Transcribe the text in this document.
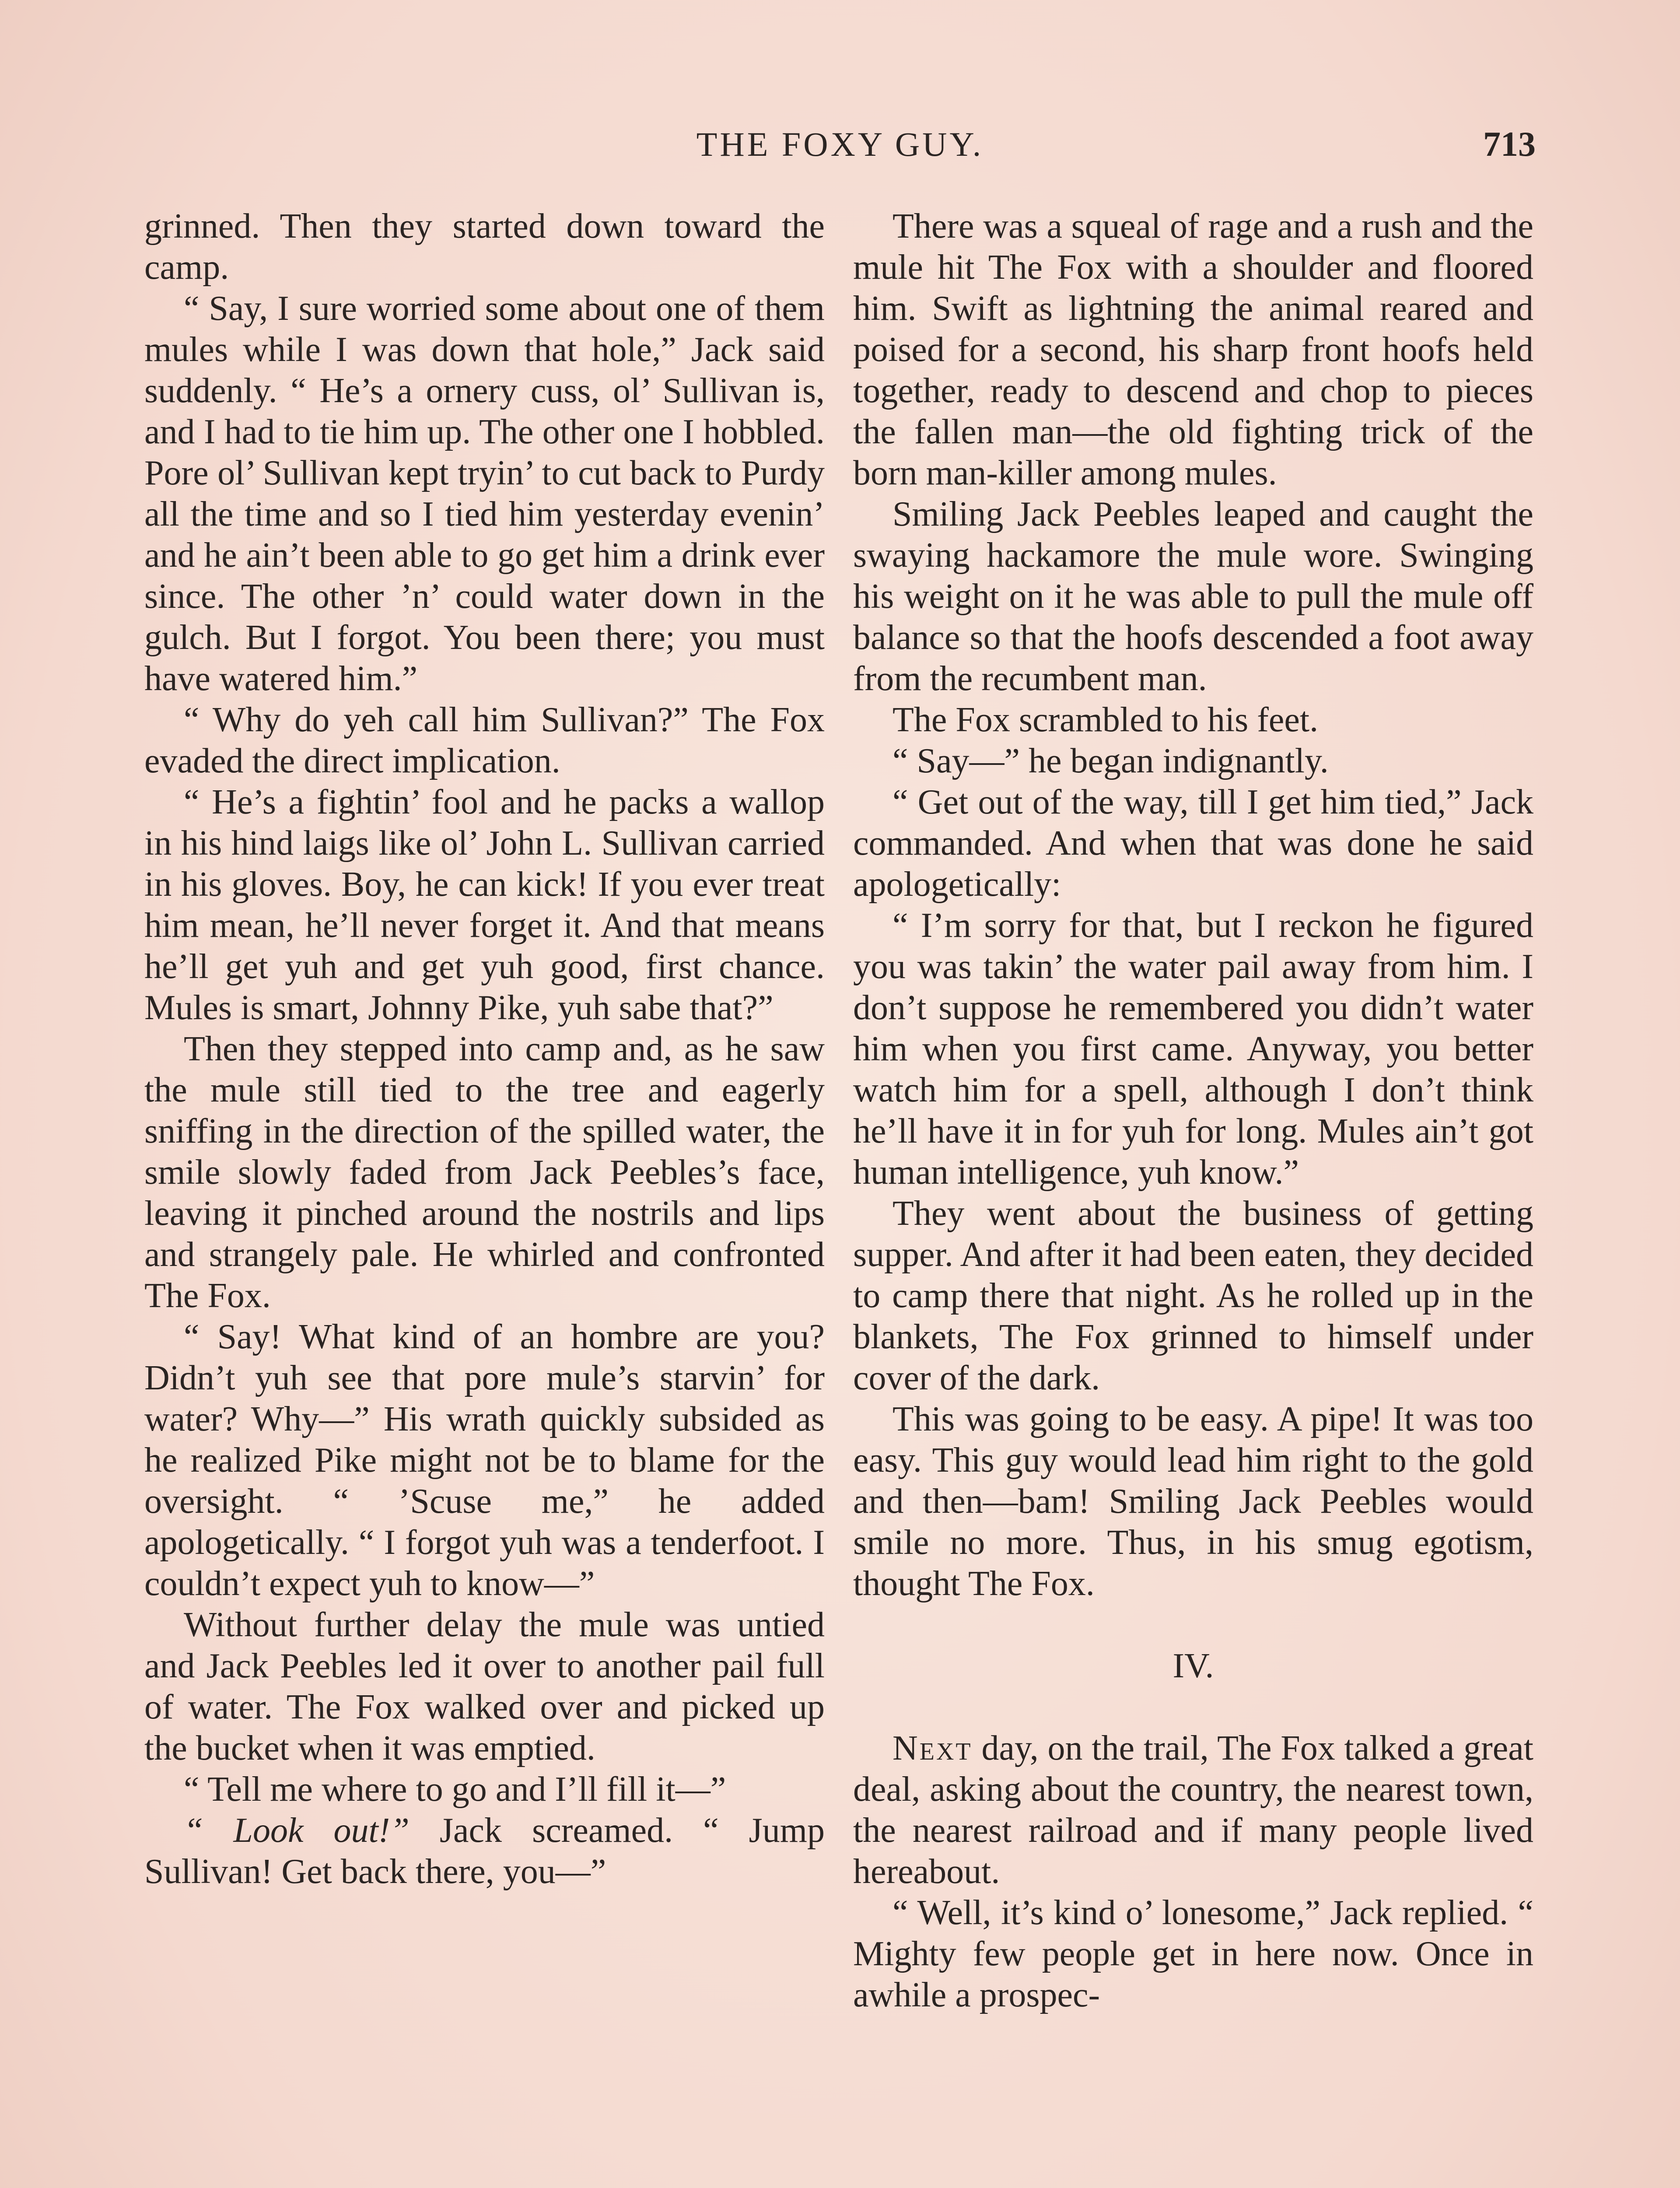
THE FOXY GUY.	713

grinned. Then they started down toward the camp.

“ Say, I sure worried some about one of them mules while I was down that hole,” Jack said suddenly. “ He’s a ornery cuss, ol’ Sullivan is, and I had to tie him up. The other one I hobbled. Pore ol’ Sullivan kept tryin’ to cut back to Purdy all the time and so I tied him yesterday evenin’ and he ain’t been able to go get him a drink ever since. The other ’n’ could water down in the gulch. But I forgot. You been there; you must have watered him.”

“ Why do yeh call him Sullivan?” The Fox evaded the direct implication.

“ He’s a fightin’ fool and he packs a wallop in his hind laigs like ol’ John L. Sullivan carried in his gloves. Boy, he can kick! If you ever treat him mean, he’ll never forget it. And that means he’ll get yuh and get yuh good, first chance. Mules is smart, Johnny Pike, yuh sabe that?”

Then they stepped into camp and, as he saw the mule still tied to the tree and eagerly sniffing in the direction of the spilled water, the smile slowly faded from Jack Peebles’s face, leaving it pinched around the nostrils and lips and strangely pale. He whirled and confronted The Fox.

“ Say! What kind of an hombre are you? Didn’t yuh see that pore mule’s starvin’ for water? Why—” His wrath quickly subsided as he realized Pike might not be to blame for the oversight. “ ’Scuse me,” he added apologetically. “ I forgot yuh was a tenderfoot. I couldn’t expect yuh to know—”

Without further delay the mule was untied and Jack Peebles led it over to another pail full of water. The Fox walked over and picked up the bucket when it was emptied.

“ Tell me where to go and I’ll fill it—”

“ Look out!” Jack screamed. “ Jump Sullivan! Get back there, you—”

There was a squeal of rage and a rush and the mule hit The Fox with a shoulder and floored him. Swift as lightning the animal reared and poised for a second, his sharp front hoofs held together, ready to descend and chop to pieces the fallen man—the old fighting trick of the born man-killer among mules.

Smiling Jack Peebles leaped and caught the swaying hackamore the mule wore. Swinging his weight on it he was able to pull the mule off balance so that the hoofs descended a foot away from the recumbent man.

The Fox scrambled to his feet.

“ Say—” he began indignantly.

“ Get out of the way, till I get him tied,” Jack commanded. And when that was done he said apologetically:

“ I’m sorry for that, but I reckon he figured you was takin’ the water pail away from him. I don’t suppose he remembered you didn’t water him when you first came. Anyway, you better watch him for a spell, although I don’t think he’ll have it in for yuh for long. Mules ain’t got human intelligence, yuh know.”

They went about the business of getting supper. And after it had been eaten, they decided to camp there that night. As he rolled up in the blankets, The Fox grinned to himself under cover of the dark.

This was going to be easy. A pipe! It was too easy. This guy would lead him right to the gold and then—bam! Smiling Jack Peebles would smile no more. Thus, in his smug egotism, thought The Fox.

IV.

Next day, on the trail, The Fox talked a great deal, asking about the country, the nearest town, the nearest railroad and if many people lived hereabout.

“ Well, it’s kind o’ lonesome,” Jack replied. “ Mighty few people get in here now. Once in awhile a prospec-
